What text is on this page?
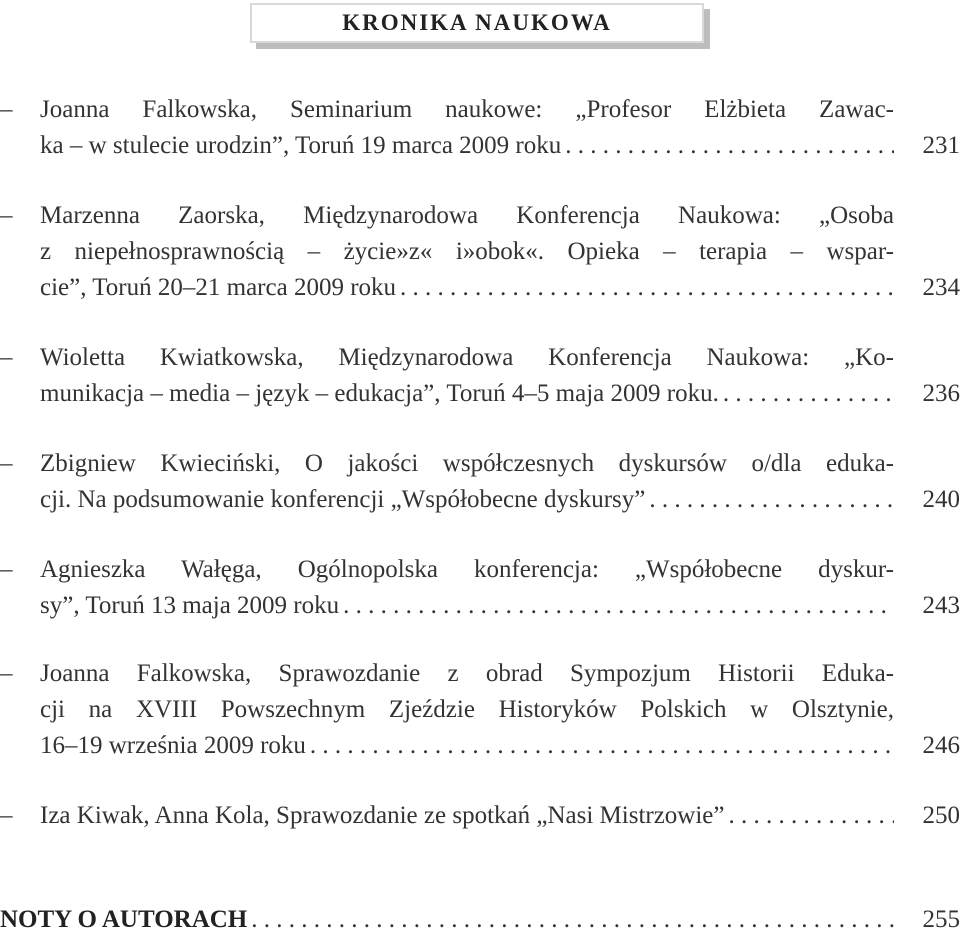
KRONIKA NAUKOWA
–	Joanna Falkowska, Seminarium naukowe: „Profesor Elżbieta Zawac-
ka – w stulecie urodzin”, Toruń 19 marca 2009 roku . . .	231
–	Marzenna Zaorska, Międzynarodowa Konferencja Naukowa: „Osoba
z niepełnosprawnością – życie»z« i»obok«. Opieka – terapia – wspar-
cie”, Toruń 20–21 marca 2009 roku . . .	234
–	Wioletta Kwiatkowska, Międzynarodowa Konferencja Naukowa: „Ko-
munikacja – media – język – edukacja”, Toruń 4–5 maja 2009 roku. . . .	236
–	Zbigniew Kwieciński, O jakości współczesnych dyskursów o/dla eduka-
cji. Na podsumowanie konferencji „Współobecne dyskursy” . . .	240
–	Agnieszka Wałęga, Ogólnopolska konferencja: „Współobecne dyskur-
sy”, Toruń 13 maja 2009 roku . . .	243
–	Joanna Falkowska, Sprawozdanie z obrad Sympozjum Historii Eduka-
cji na XVIII Powszechnym Zjeździe Historyków Polskich w Olsztynie,
16–19 września 2009 roku . . .	246
–	Iza Kiwak, Anna Kola, Sprawozdanie ze spotkań „Nasi Mistrzowie” . . .	250
NOTY O AUTORACH . . .	255
